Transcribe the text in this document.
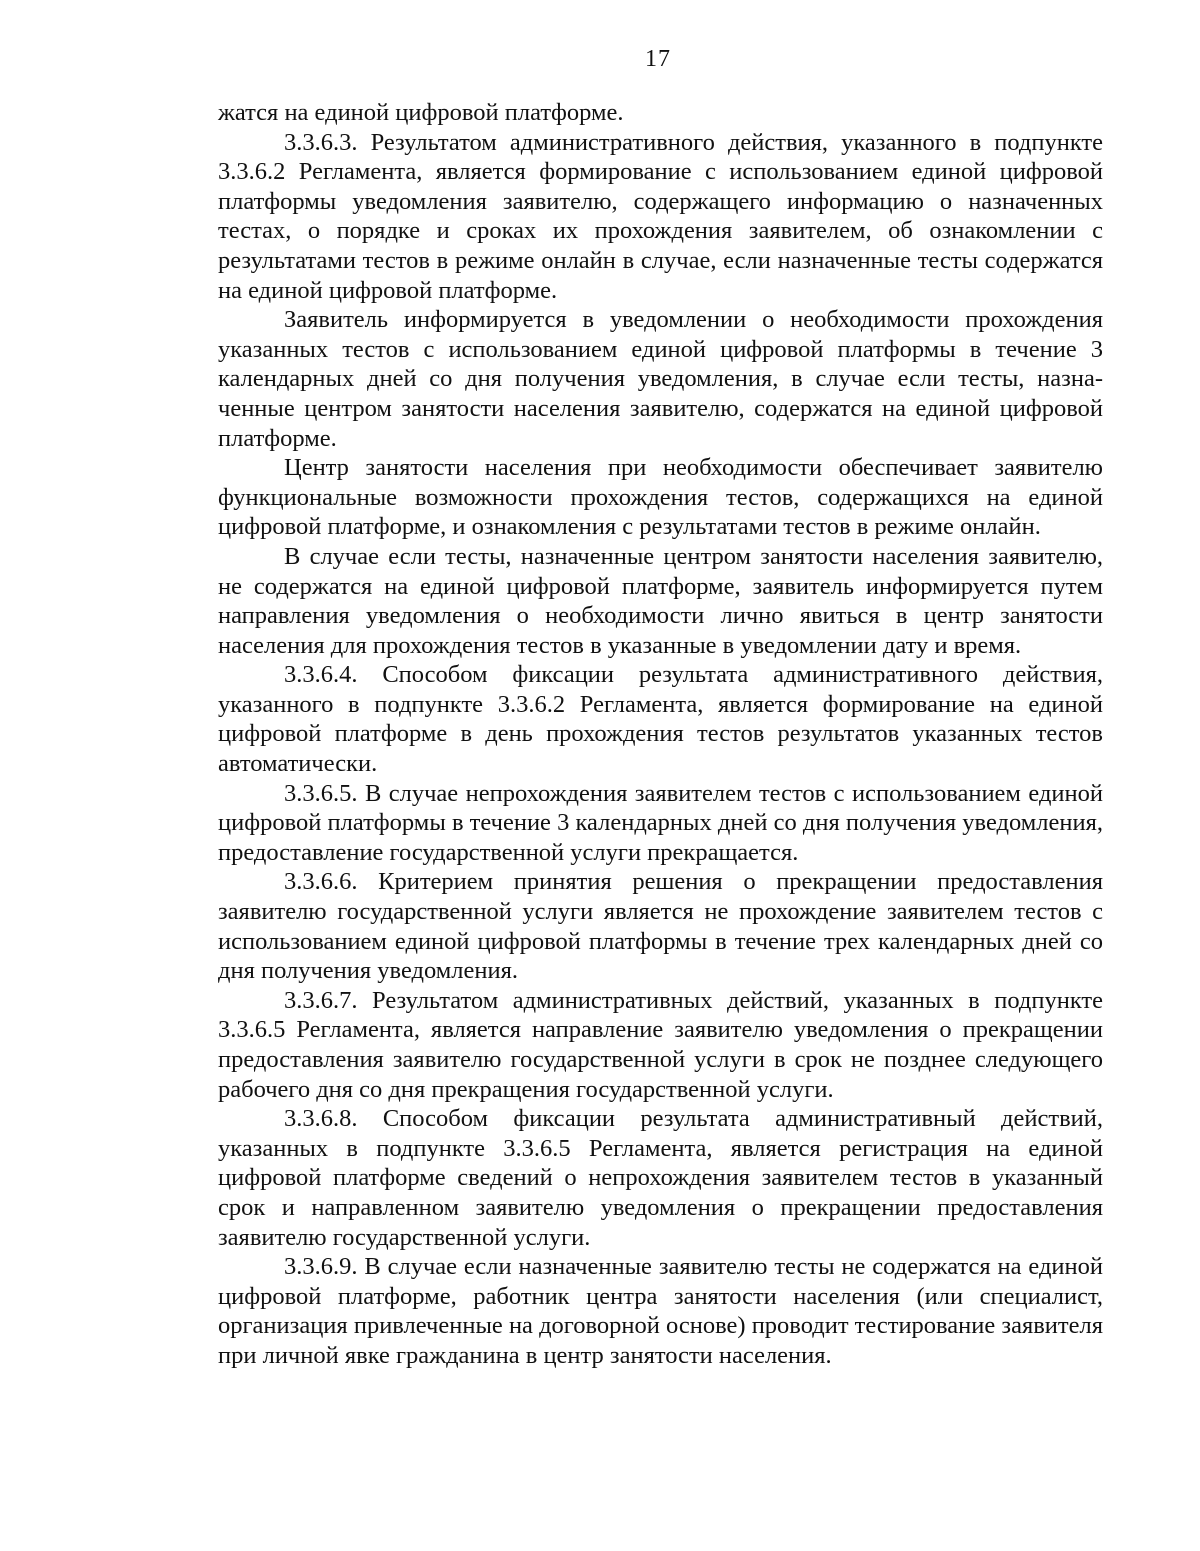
17

жатся на единой цифровой платформе.

3.3.6.3. Результатом административного действия, указанного в подпункте 3.3.6.2 Регламента, является формирование с использованием единой цифровой платформы уведомления заявителю, содержащего информацию о назначенных тестах, о порядке и сроках их прохождения заявителем, об ознакомлении с результатами тестов в режиме онлайн в случае, если назначенные тесты содержатся на единой цифровой платформе.

Заявитель информируется в уведомлении о необходимости прохождения указанных тестов с использованием единой цифровой платформы в течение 3 календарных дней со дня получения уведомления, в случае если тесты, назначенные центром занятости населения заявителю, содержатся на единой цифровой платформе.

Центр занятости населения при необходимости обеспечивает заявителю функциональные возможности прохождения тестов, содержащихся на единой цифровой платформе, и ознакомления с результатами тестов в режиме онлайн.

В случае если тесты, назначенные центром занятости населения заявителю, не содержатся на единой цифровой платформе, заявитель информируется путем направления уведомления о необходимости лично явиться в центр занятости населения для прохождения тестов в указанные в уведомлении дату и время.

3.3.6.4. Способом фиксации результата административного действия, указанного в подпункте 3.3.6.2 Регламента, является формирование на единой цифровой платформе в день прохождения тестов результатов указанных тестов автоматически.

3.3.6.5. В случае непрохождения заявителем тестов с использованием единой цифровой платформы в течение 3 календарных дней со дня получения уведомления, предоставление государственной услуги прекращается.

3.3.6.6. Критерием принятия решения о прекращении предоставления заявителю государственной услуги является не прохождение заявителем тестов с использованием единой цифровой платформы в течение трех календарных дней со дня получения уведомления.

3.3.6.7. Результатом административных действий, указанных в подпункте 3.3.6.5 Регламента, является направление заявителю уведомления о прекращении предоставления заявителю государственной услуги в срок не позднее следующего рабочего дня со дня прекращения государственной услуги.

3.3.6.8. Способом фиксации результата административный действий, указанных в подпункте 3.3.6.5 Регламента, является регистрация на единой цифровой платформе сведений о непрохождения заявителем тестов в указанный срок и направленном заявителю уведомления о прекращении предоставления заявителю государственной услуги.

3.3.6.9. В случае если назначенные заявителю тесты не содержатся на единой цифровой платформе, работник центра занятости населения (или специалист, организация привлеченные на договорной основе) проводит тестирование заявителя при личной явке гражданина в центр занятости населения.
